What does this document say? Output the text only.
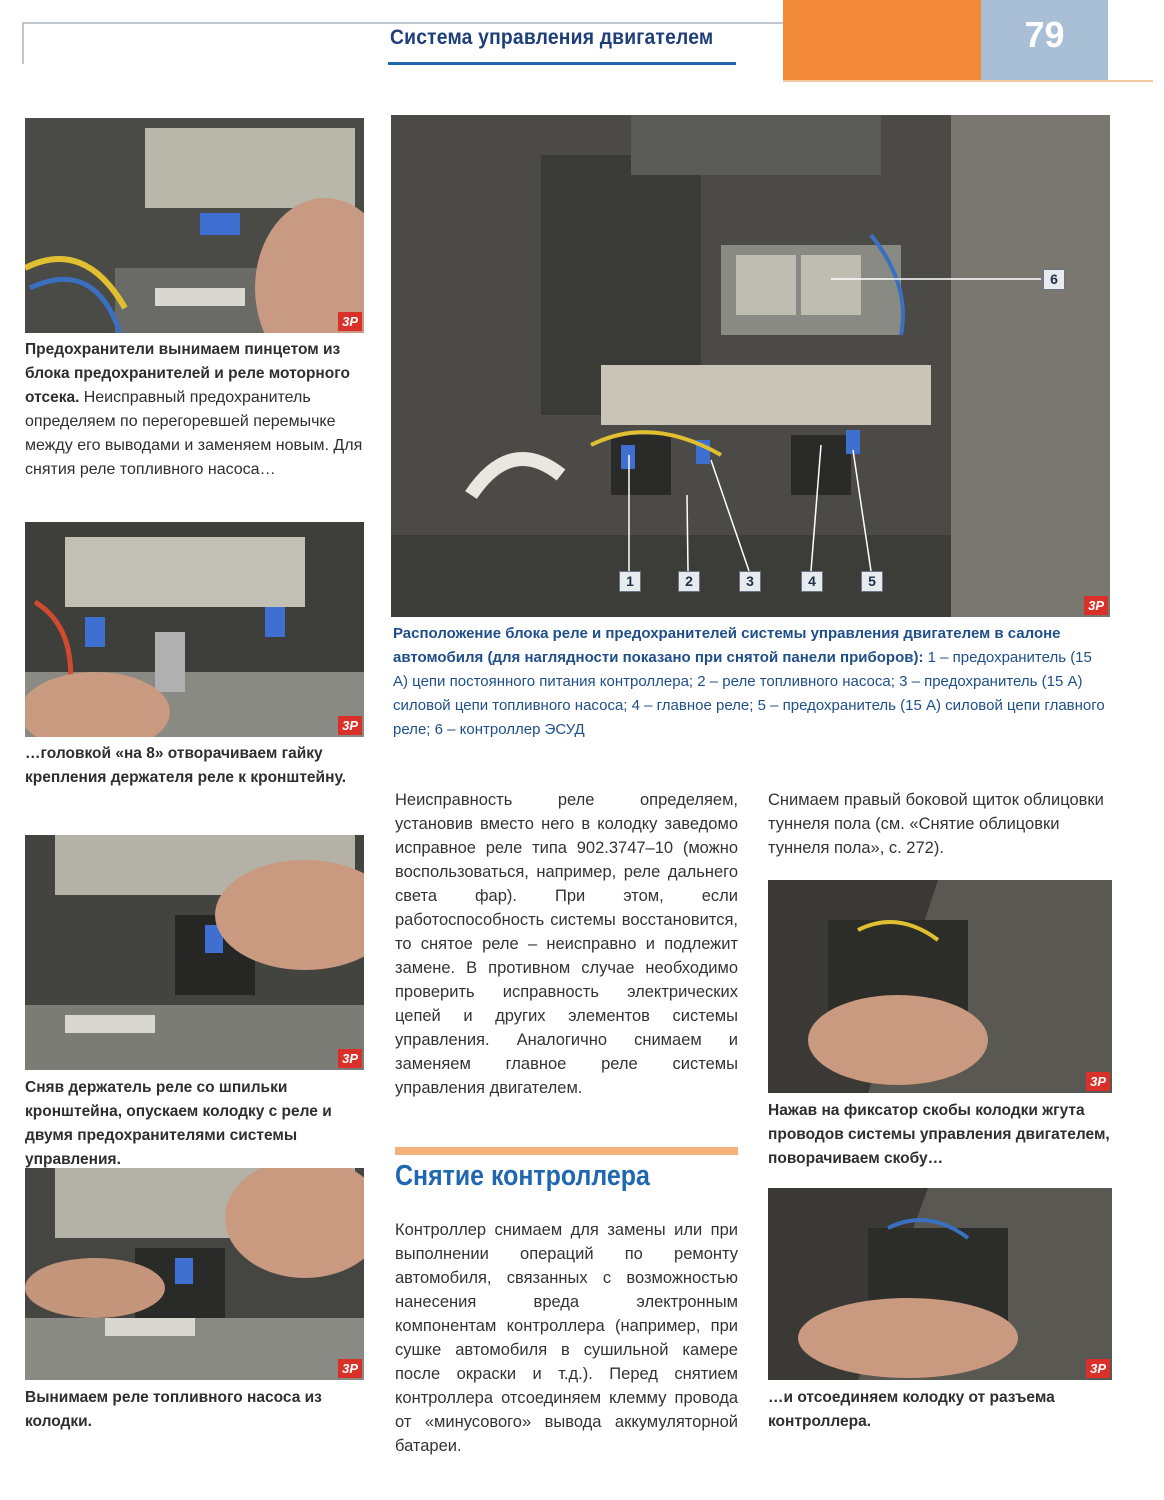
Система управления двигателем	79
3Р
Предохранители вынимаем пинцетом из блока предохранителей и реле моторного отсека. Неисправный предохранитель определяем по перегоревшей перемычке между его выводами и заменяем новым. Для снятия реле топливного насоса…
3Р
…головкой «на 8» отворачиваем гайку крепления держателя реле к кронштейну.
3Р
Сняв держатель реле со шпильки кронштейна, опускаем колодку с реле и двумя предохранителями системы управления.
3Р
Вынимаем реле топливного насоса из колодки.
1	2	3	4	5
6
3Р
Расположение блока реле и предохранителей системы управления двигателем в салоне автомобиля (для наглядности показано при снятой панели приборов): 1 – предохранитель (15 А) цепи постоянного питания контроллера; 2 – реле топливного насоса; 3 – предохранитель (15 А) силовой цепи топливного насоса; 4 – главное реле; 5 – предохранитель (15 А) силовой цепи главного реле; 6 – контроллер ЭСУД
Неисправность реле определяем, установив вместо него в колодку заведомо исправное реле типа 902.3747–10 (можно воспользоваться, например, реле дальнего света фар). При этом, если работоспособность системы восстановится, то снятое реле – неисправно и подлежит замене. В противном случае необходимо проверить исправность электрических цепей и других элементов системы управления. Аналогично снимаем и заменяем главное реле системы управления двигателем.
Снятие контроллера
Контроллер снимаем для замены или при выполнении операций по ремонту автомобиля, связанных с возможностью нанесения вреда электронным компонентам контроллера (например, при сушке автомобиля в сушильной камере после окраски и т.д.). Перед снятием контроллера отсоединяем клемму провода от «минусового» вывода аккумуляторной батареи.
Снимаем правый боковой щиток облицовки туннеля пола (см. «Снятие облицовки туннеля пола», с. 272).
3Р
Нажав на фиксатор скобы колодки жгута проводов системы управления двигателем, поворачиваем скобу…
3Р
…и отсоединяем колодку от разъема контроллера.
